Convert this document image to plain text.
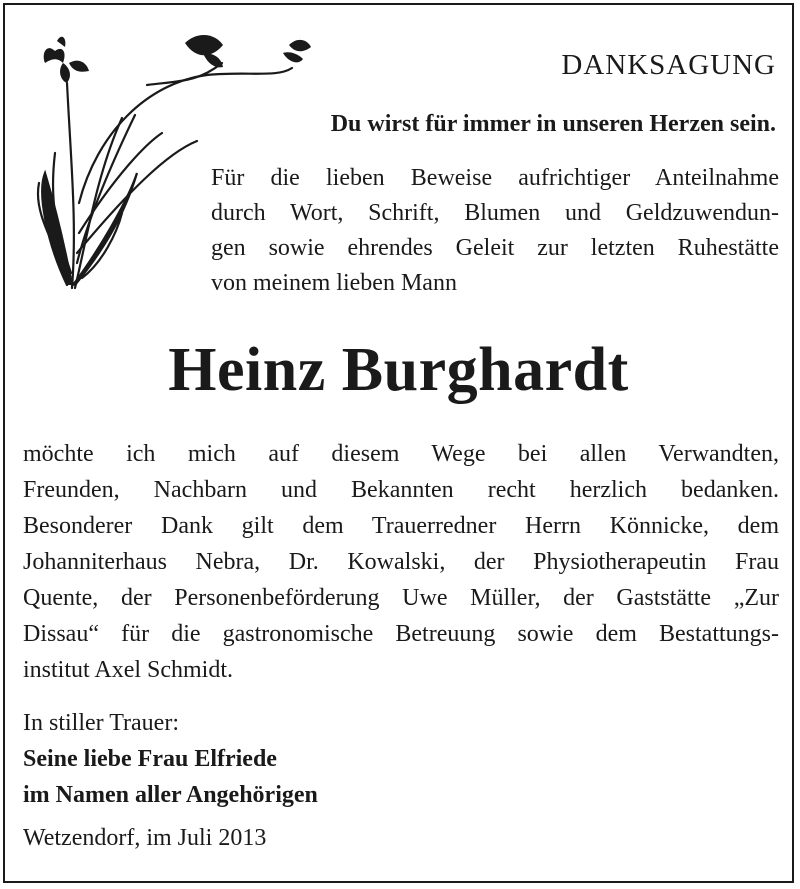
DANKSAGUNG
Du wirst für immer in unseren Herzen sein.
Für die lieben Beweise aufrichtiger Anteilnahme
durch Wort, Schrift, Blumen und Geldzuwendun-
gen sowie ehrendes Geleit zur letzten Ruhestätte
von meinem lieben Mann
Heinz Burghardt
möchte ich mich auf diesem Wege bei allen Verwandten,
Freunden, Nachbarn und Bekannten recht herzlich bedanken.
Besonderer Dank gilt dem Trauerredner Herrn Könnicke, dem
Johanniterhaus Nebra, Dr. Kowalski, der Physiotherapeutin Frau
Quente, der Personenbeförderung Uwe Müller, der Gaststätte „Zur
Dissau“ für die gastronomische Betreuung sowie dem Bestattungs-
institut Axel Schmidt.
In stiller Trauer:
Seine liebe Frau Elfriede
im Namen aller Angehörigen
Wetzendorf, im Juli 2013
